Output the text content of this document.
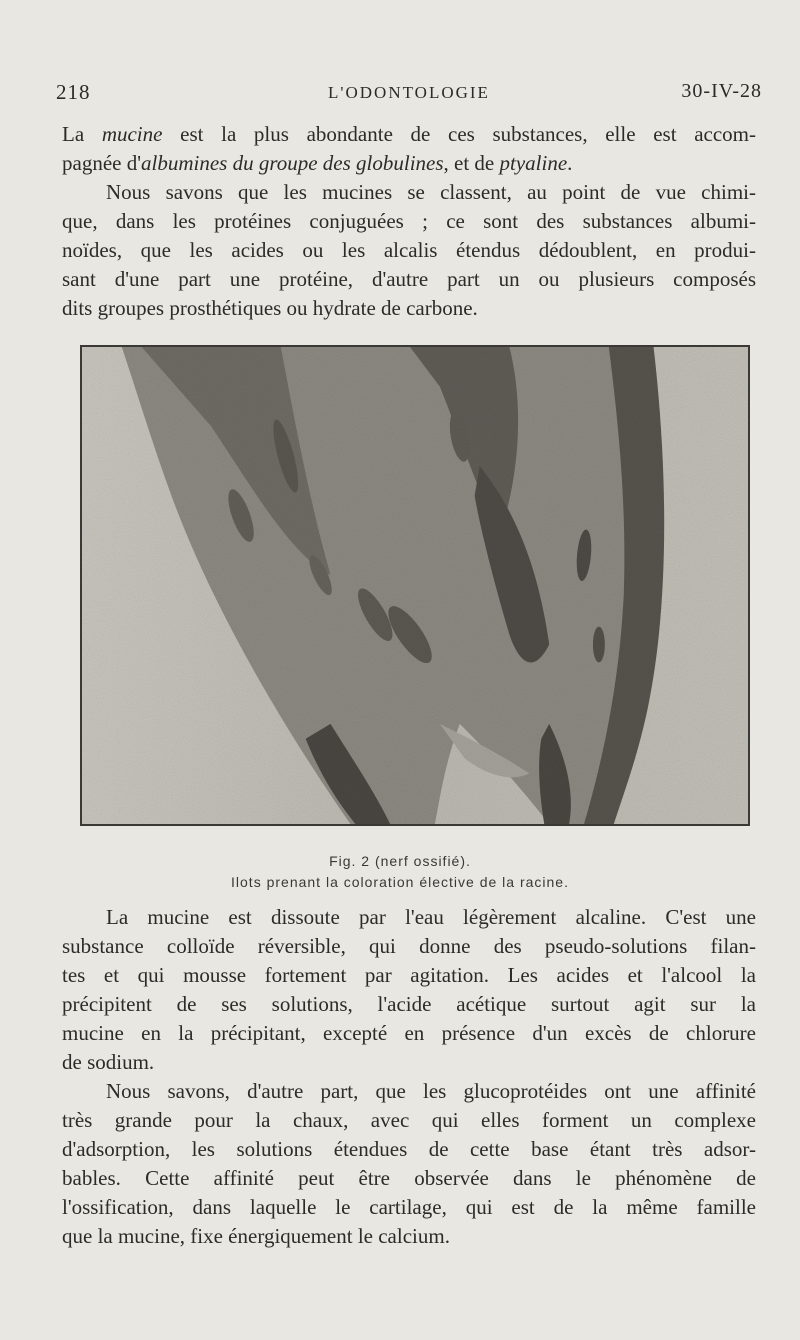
218	L'ODONTOLOGIE	30-IV-28
La mucine est la plus abondante de ces substances, elle est accom-
pagnée d'albumines du groupe des globulines, et de ptyaline.
Nous savons que les mucines se classent, au point de vue chimi-
que, dans les protéines conjuguées ; ce sont des substances albumi-
noïdes, que les acides ou les alcalis étendus dédoublent, en produi-
sant d'une part une protéine, d'autre part un ou plusieurs composés
dits groupes prosthétiques ou hydrate de carbone.
Fig. 2 (nerf ossifié).
Ilots prenant la coloration élective de la racine.
La mucine est dissoute par l'eau légèrement alcaline. C'est une
substance colloïde réversible, qui donne des pseudo-solutions filan-
tes et qui mousse fortement par agitation. Les acides et l'alcool la
précipitent de ses solutions, l'acide acétique surtout agit sur la
mucine en la précipitant, excepté en présence d'un excès de chlorure
de sodium.
Nous savons, d'autre part, que les glucoprotéides ont une affinité
très grande pour la chaux, avec qui elles forment un complexe
d'adsorption, les solutions étendues de cette base étant très adsor-
bables. Cette affinité peut être observée dans le phénomène de
l'ossification, dans laquelle le cartilage, qui est de la même famille
que la mucine, fixe énergiquement le calcium.
